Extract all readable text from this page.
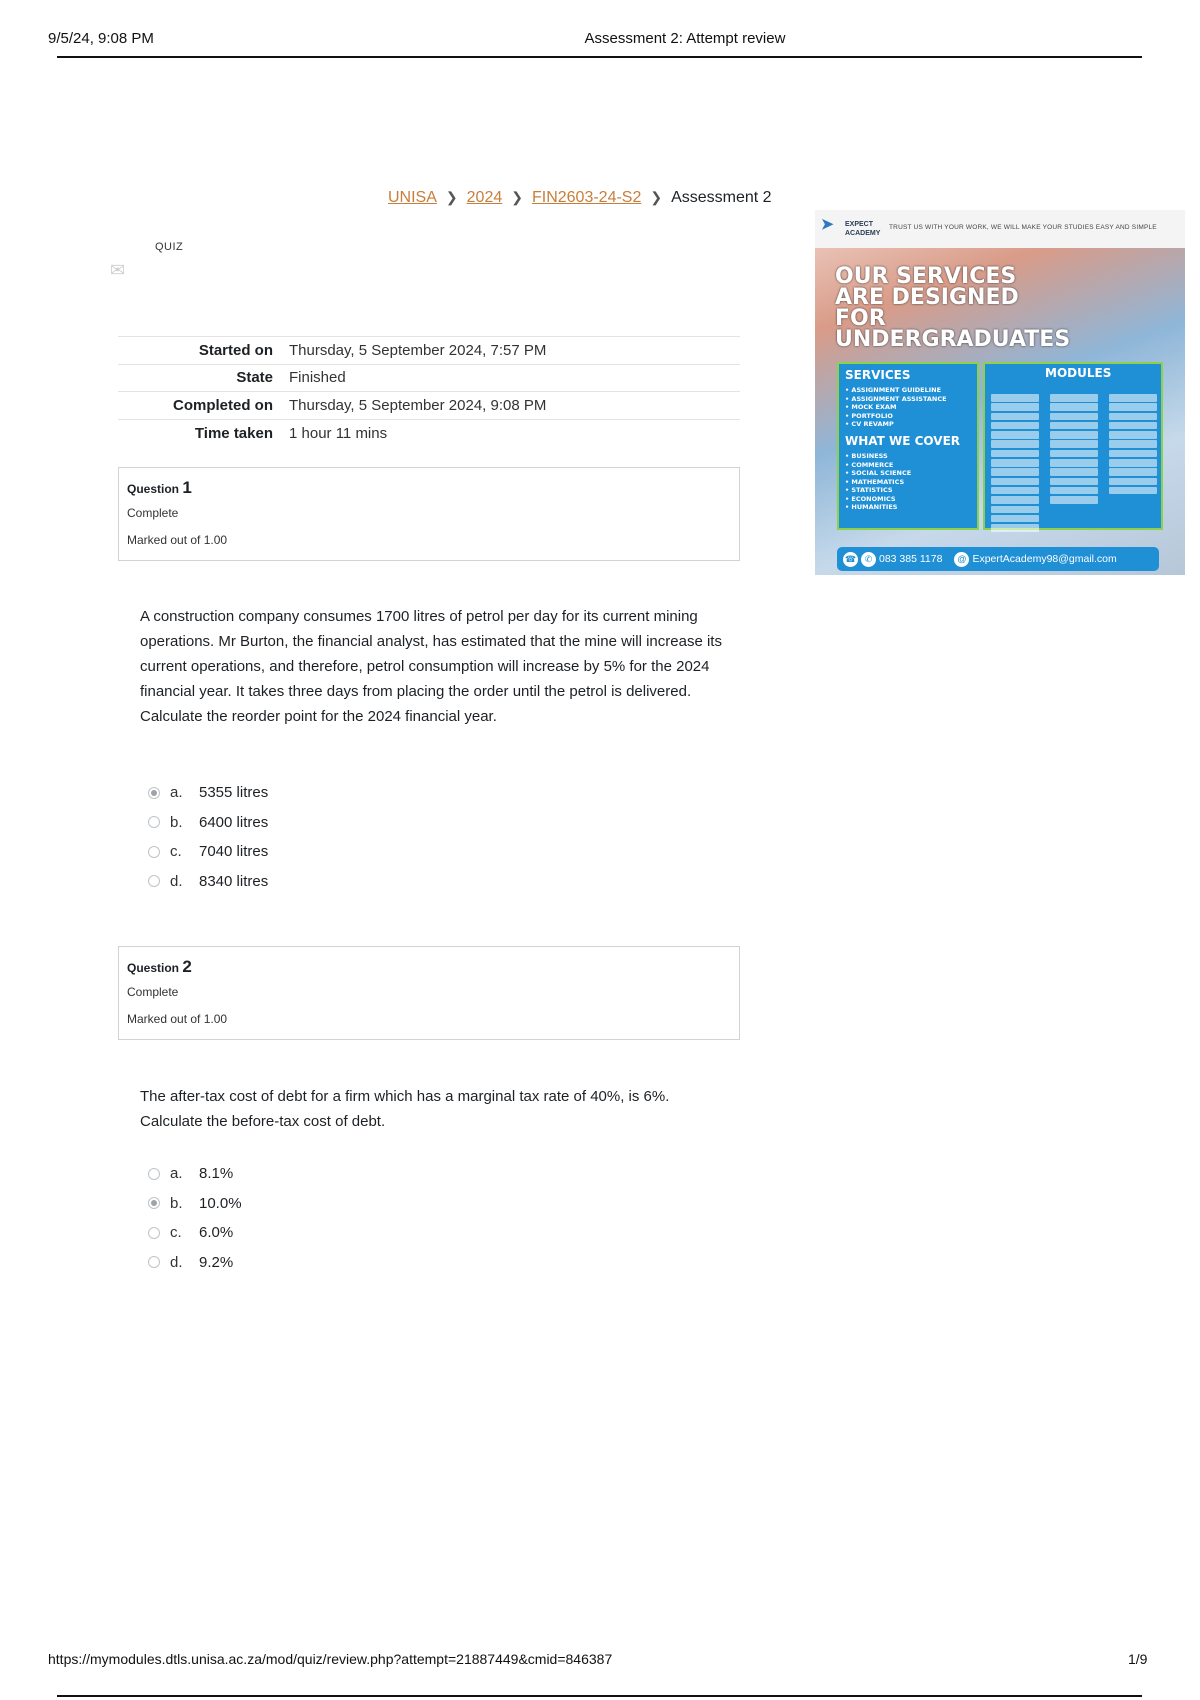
9/5/24, 9:08 PM	Assessment 2: Attempt review
UNISA ❯ 2024 ❯ FIN2603-24-S2 ❯ Assessment 2
✉
QUIZ
Started on	Thursday, 5 September 2024, 7:57 PM
State	Finished
Completed on	Thursday, 5 September 2024, 9:08 PM
Time taken	1 hour 11 mins
Question 1
Complete
Marked out of 1.00
A construction company consumes 1700 litres of petrol per day for its current mining operations. Mr Burton, the financial analyst, has estimated that the mine will increase its current operations, and therefore, petrol consumption will increase by 5% for the 2024 financial year. It takes three days from placing the order until the petrol is delivered. Calculate the reorder point for the 2024 financial year.
a.	5355 litres
b.	6400 litres
c.	7040 litres
d.	8340 litres
Question 2
Complete
Marked out of 1.00
The after-tax cost of debt for a firm which has a marginal tax rate of 40%, is 6%. Calculate the before-tax cost of debt.
a.	8.1%
b.	10.0%
c.	6.0%
d.	9.2%
➤ EXPECT ACADEMY
TRUST US WITH YOUR WORK, WE WILL MAKE YOUR STUDIES EASY AND SIMPLE
OUR SERVICES ARE DESIGNED FOR UNDERGRADUATES
SERVICES
• ASSIGNMENT GUIDELINE
• ASSIGNMENT ASSISTANCE
• MOCK EXAM
• PORTFOLIO
• CV REVAMP
WHAT WE COVER
• BUSINESS
• COMMERCE
• SOCIAL SCIENCE
• MATHEMATICS
• STATISTICS
• ECONOMICS
• HUMANITIES
MODULES
☎ ✆ 083 385 1178	@ ExpertAcademy98@gmail.com
https://mymodules.dtls.unisa.ac.za/mod/quiz/review.php?attempt=21887449&cmid=846387	1/9
